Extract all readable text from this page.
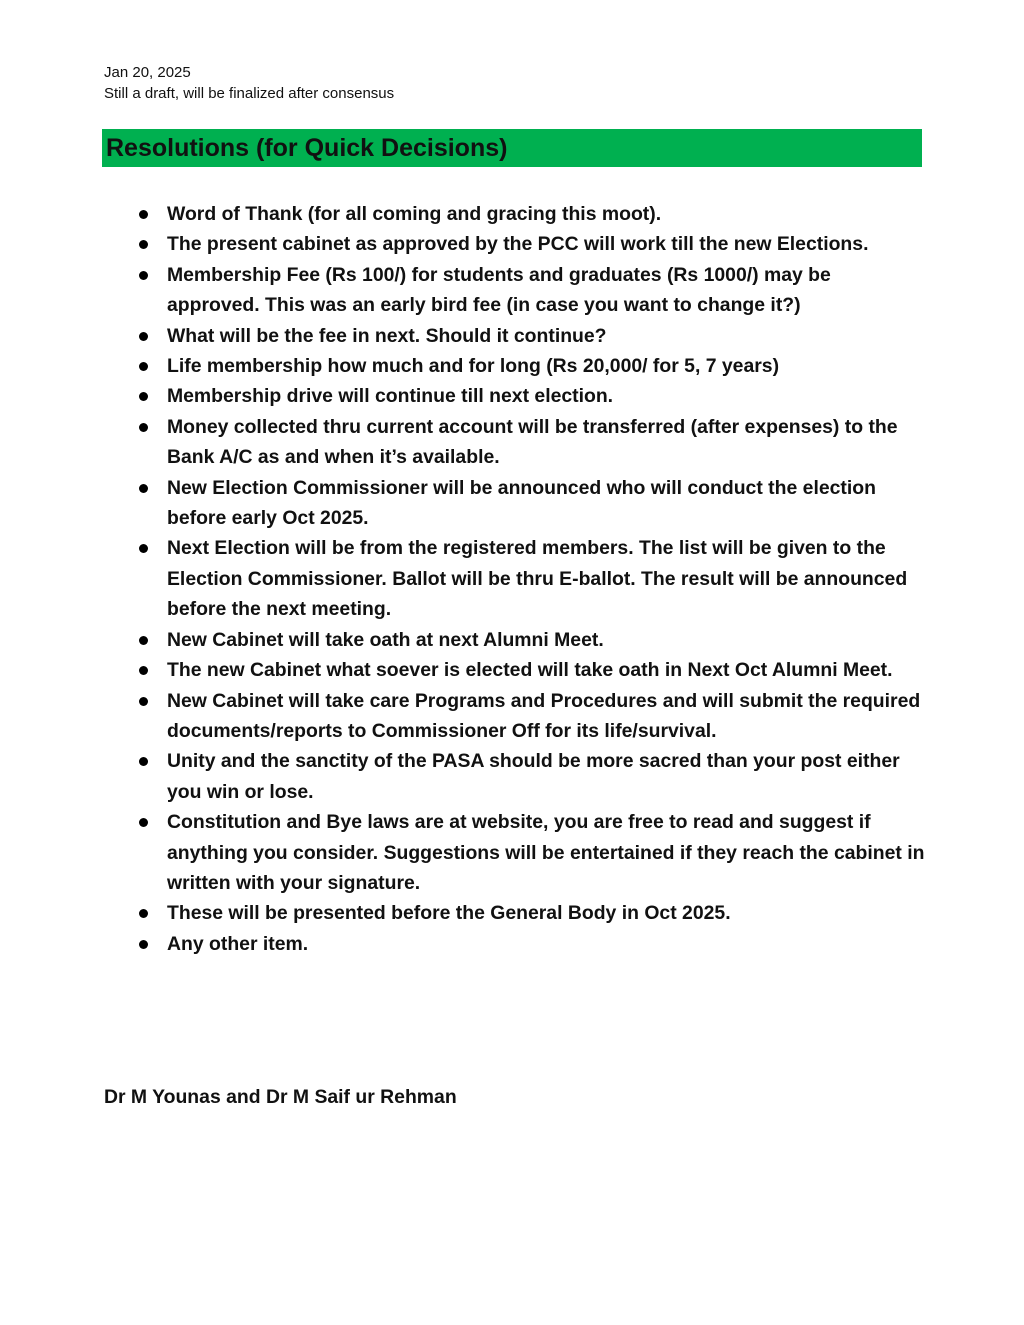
Jan 20, 2025
Still a draft, will be finalized after consensus
Resolutions (for Quick Decisions)
Word of Thank (for all coming and gracing this moot).
The present cabinet as approved by the PCC will work till the new Elections.
Membership Fee (Rs 100/) for students and graduates (Rs 1000/) may be approved. This was an early bird fee (in case you want to change it?)
What will be the fee in next. Should it continue?
Life membership how much and for long (Rs 20,000/ for 5, 7 years)
Membership drive will continue till next election.
Money collected thru current account will be transferred (after expenses) to the Bank A/C as and when it’s available.
New Election Commissioner will be announced who will conduct the election before early Oct 2025.
Next Election will be from the registered members. The list will be given to the Election Commissioner. Ballot will be thru E-ballot. The result will be announced before the next meeting.
New Cabinet will take oath at next Alumni Meet.
The new Cabinet what soever is elected will take oath in Next Oct Alumni Meet.
New Cabinet will take care Programs and Procedures and will submit the required documents/reports to Commissioner Off for its life/survival.
Unity and the sanctity of the PASA should be more sacred than your post either you win or lose.
Constitution and Bye laws are at website, you are free to read and suggest if anything you consider. Suggestions will be entertained if they reach the cabinet in written with your signature.
These will be presented before the General Body in Oct 2025.
Any other item.
Dr M Younas and Dr M Saif ur Rehman
